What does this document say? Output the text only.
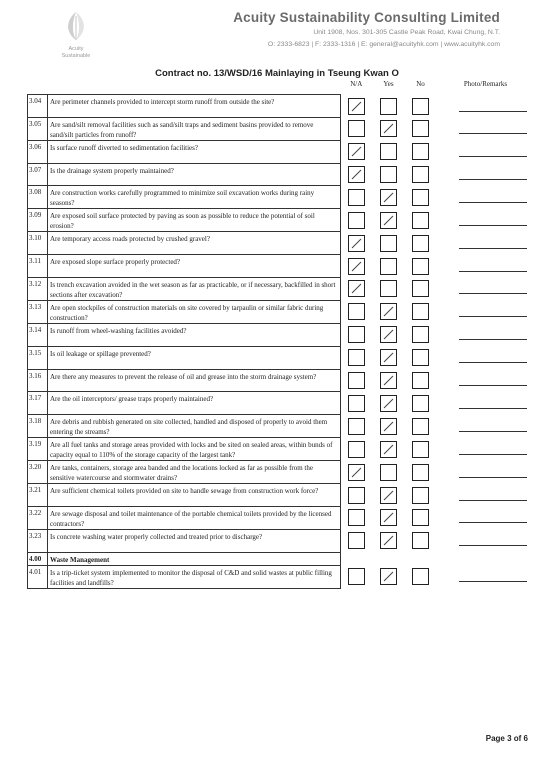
Acuity
Sustainable
Acuity Sustainability Consulting Limited
Unit 1908, Nos. 301-305 Castle Peak Road, Kwai Chung, N.T.
O: 2333-6823 | F: 2333-1316 | E: general@acuityhk.com | www.acuityhk.com
Contract no. 13/WSD/16 Mainlaying in Tseung Kwan O
		N/A	Yes	No	Photo/Remarks
3.04	Are perimeter channels provided to intercept storm runoff from outside the site?	

3.05	Are sand/silt removal facilities such as sand/silt traps and sediment basins provided to remove sand/silt particles from runoff?		

3.06	Is surface runoff diverted to sedimentation facilities?	

3.07	Is the drainage system properly maintained?	

3.08	Are construction works carefully programmed to minimize soil excavation works during rainy seasons?		

3.09	Are exposed soil surface protected by paving as soon as possible to reduce the potential of soil erosion?		

3.10	Are temporary access roads protected by crushed gravel?	

3.11	Are exposed slope surface properly protected?	

3.12	Is trench excavation avoided in the wet season as far as practicable, or if necessary, backfilled in short sections after excavation?	

3.13	Are open stockpiles of construction materials on site covered by tarpaulin or similar fabric during construction?		

3.14	Is runoff from wheel-washing facilities avoided?		

3.15	Is oil leakage or spillage prevented?		

3.16	Are there any measures to prevent the release of oil and grease into the storm drainage system?		

3.17	Are the oil interceptors/ grease traps properly maintained?		

3.18	Are debris and rubbish generated on site collected, handled and disposed of properly to avoid them entering the streams?		

3.19	Are all fuel tanks and storage areas provided with locks and be sited on sealed areas, within bunds of capacity equal to 110% of the storage capacity of the largest tank?		

3.20	Are tanks, containers, storage area banded and the locations locked as far as possible from the sensitive watercourse and stormwater drains?	

3.21	Are sufficient chemical toilets provided on site to handle sewage from construction work force?		

3.22	Are sewage disposal and toilet maintenance of the portable chemical toilets provided by the licensed contractors?		

3.23	Is concrete washing water properly collected and treated prior to discharge?		

4.00	Waste Management				
4.01	Is a trip-ticket system implemented to monitor the disposal of C&D and solid wastes at public filling facilities and landfills?		

Page 3 of 6
